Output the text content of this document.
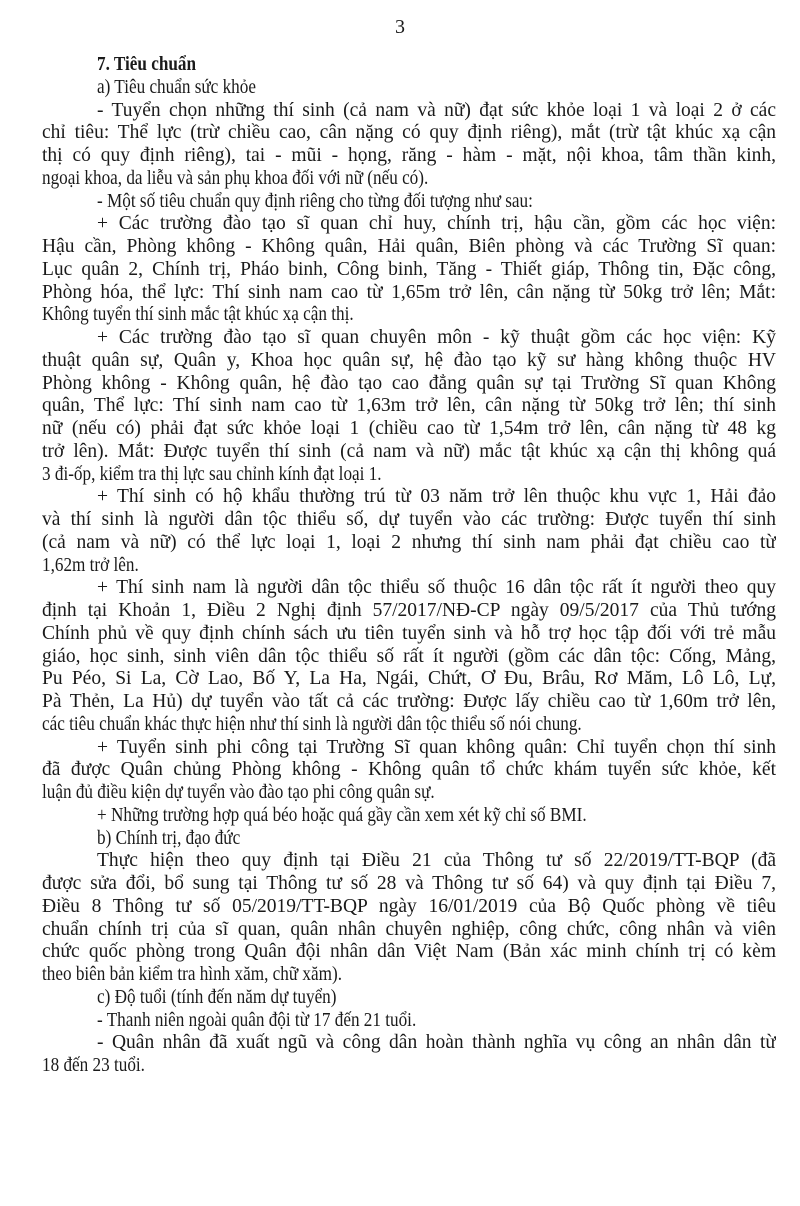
3
7. Tiêu chuẩn
a) Tiêu chuẩn sức khỏe
- Tuyển chọn những thí sinh (cả nam và nữ) đạt sức khỏe loại 1 và loại 2 ở các
chỉ tiêu: Thể lực (trừ chiều cao, cân nặng có quy định riêng), mắt (trừ tật khúc xạ cận
thị có quy định riêng), tai - mũi - họng, răng - hàm - mặt, nội khoa, tâm thần kinh,
ngoại khoa, da liễu và sản phụ khoa đối với nữ (nếu có).
- Một số tiêu chuẩn quy định riêng cho từng đối tượng như sau:
+ Các trường đào tạo sĩ quan chỉ huy, chính trị, hậu cần, gồm các học viện:
Hậu cần, Phòng không - Không quân, Hải quân, Biên phòng và các Trường Sĩ quan:
Lục quân 2, Chính trị, Pháo binh, Công binh, Tăng - Thiết giáp, Thông tin, Đặc công,
Phòng hóa, thể lực: Thí sinh nam cao từ 1,65m trở lên, cân nặng từ 50kg trở lên; Mắt:
Không tuyển thí sinh mắc tật khúc xạ cận thị.
+ Các trường đào tạo sĩ quan chuyên môn - kỹ thuật gồm các học viện: Kỹ
thuật quân sự, Quân y, Khoa học quân sự, hệ đào tạo kỹ sư hàng không thuộc HV
Phòng không - Không quân, hệ đào tạo cao đẳng quân sự tại Trường Sĩ quan Không
quân, Thể lực: Thí sinh nam cao từ 1,63m trở lên, cân nặng từ 50kg trở lên; thí sinh
nữ (nếu có) phải đạt sức khỏe loại 1 (chiều cao từ 1,54m trở lên, cân nặng từ 48 kg
trở lên). Mắt: Được tuyển thí sinh (cả nam và nữ) mắc tật khúc xạ cận thị không quá
3 đi-ốp, kiểm tra thị lực sau chỉnh kính đạt loại 1.
+ Thí sinh có hộ khẩu thường trú từ 03 năm trở lên thuộc khu vực 1, Hải đảo
và thí sinh là người dân tộc thiểu số, dự tuyển vào các trường: Được tuyển thí sinh
(cả nam và nữ) có thể lực loại 1, loại 2 nhưng thí sinh nam phải đạt chiều cao từ
1,62m trở lên.
+ Thí sinh nam là người dân tộc thiểu số thuộc 16 dân tộc rất ít người theo quy
định tại Khoản 1, Điều 2 Nghị định 57/2017/NĐ-CP ngày 09/5/2017 của Thủ tướng
Chính phủ về quy định chính sách ưu tiên tuyển sinh và hỗ trợ học tập đối với trẻ mẫu
giáo, học sinh, sinh viên dân tộc thiểu số rất ít người (gồm các dân tộc: Cống, Mảng,
Pu Péo, Si La, Cờ Lao, Bố Y, La Ha, Ngái, Chứt, Ơ Đu, Brâu, Rơ Măm, Lô Lô, Lự,
Pà Thẻn, La Hủ) dự tuyển vào tất cả các trường: Được lấy chiều cao từ 1,60m trở lên,
các tiêu chuẩn khác thực hiện như thí sinh là người dân tộc thiểu số nói chung.
+ Tuyển sinh phi công tại Trường Sĩ quan không quân: Chỉ tuyển chọn thí sinh
đã được Quân chủng Phòng không - Không quân tổ chức khám tuyển sức khỏe, kết
luận đủ điều kiện dự tuyển vào đào tạo phi công quân sự.
+ Những trường hợp quá béo hoặc quá gầy cần xem xét kỹ chỉ số BMI.
b) Chính trị, đạo đức
Thực hiện theo quy định tại Điều 21 của Thông tư số 22/2019/TT-BQP (đã
được sửa đổi, bổ sung tại Thông tư số 28 và Thông tư số 64) và quy định tại Điều 7,
Điều 8 Thông tư số 05/2019/TT-BQP ngày 16/01/2019 của Bộ Quốc phòng về tiêu
chuẩn chính trị của sĩ quan, quân nhân chuyên nghiệp, công chức, công nhân và viên
chức quốc phòng trong Quân đội nhân dân Việt Nam (Bản xác minh chính trị có kèm
theo biên bản kiểm tra hình xăm, chữ xăm).
c) Độ tuổi (tính đến năm dự tuyển)
- Thanh niên ngoài quân đội từ 17 đến 21 tuổi.
- Quân nhân đã xuất ngũ và công dân hoàn thành nghĩa vụ công an nhân dân từ
18 đến 23 tuổi.
